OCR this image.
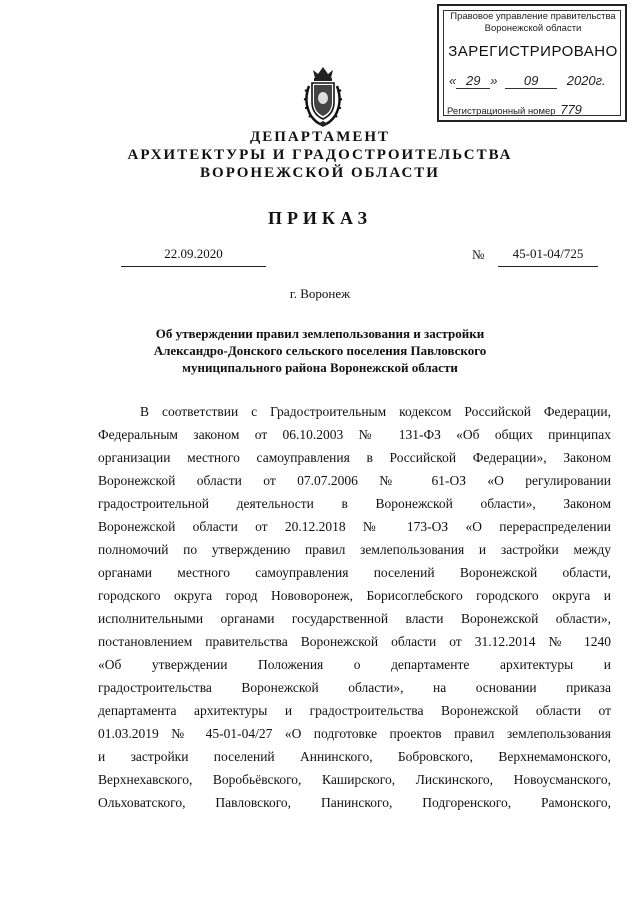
Правовое управление правительства
Воронежской области
ЗАРЕГИСТРИРОВАНО
« 29 » 09 2020г.
Регистрационный номер 779
ДЕПАРТАМЕНТ
АРХИТЕКТУРЫ И ГРАДОСТРОИТЕЛЬСТВА
ВОРОНЕЖСКОЙ ОБЛАСТИ
ПРИКАЗ
22.09.2020	№	45-01-04/725
г. Воронеж
Об утверждении правил землепользования и застройки
Александро-Донского сельского поселения Павловского
муниципального района Воронежской области
В соответствии с Градостроительным кодексом Российской Федерации,
Федеральным законом от 06.10.2003 № 131-ФЗ «Об общих принципах
организации местного самоуправления в Российской Федерации», Законом
Воронежской области от 07.07.2006 № 61-ОЗ «О регулировании
градостроительной деятельности в Воронежской области», Законом
Воронежской области от 20.12.2018 № 173-ОЗ «О перераспределении
полномочий по утверждению правил землепользования и застройки между
органами местного самоуправления поселений Воронежской области,
городского округа город Нововоронеж, Борисоглебского городского округа и
исполнительными органами государственной власти Воронежской области»,
постановлением правительства Воронежской области от 31.12.2014 № 1240
«Об утверждении Положения о департаменте архитектуры и
градостроительства Воронежской области», на основании приказа
департамента архитектуры и градостроительства Воронежской области от
01.03.2019 № 45-01-04/27 «О подготовке проектов правил землепользования
и застройки поселений Аннинского, Бобровского, Верхнемамонского,
Верхнехавского, Воробьёвского, Каширского, Лискинского, Новоусманского,
Ольховатского, Павловского, Панинского, Подгоренского, Рамонского,
